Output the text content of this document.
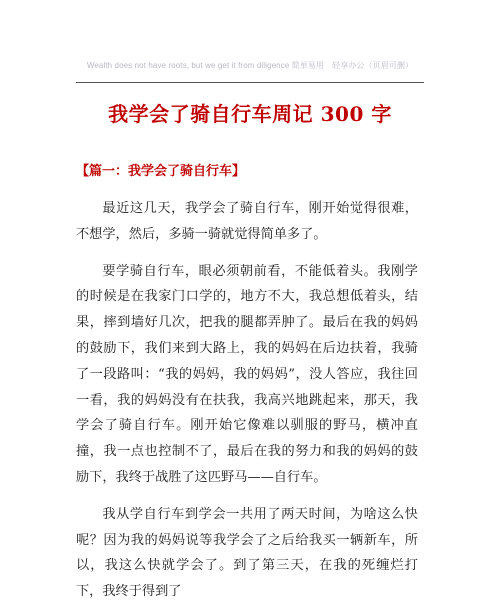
Wealth does not have roots, but we get it from diligence 简单易用　轻享办公（页眉可删）
我学会了骑自行车周记 300 字
【篇一：我学会了骑自行车】

最近这几天，我学会了骑自行车，刚开始觉得很难，不想学，然后，多骑一骑就觉得简单多了。

要学骑自行车，眼必须朝前看，不能低着头。我刚学的时候是在我家门口学的，地方不大，我总想低着头，结果，摔到墙好几次，把我的腿都弄肿了。最后在我的妈妈的鼓励下，我们来到大路上，我的妈妈在后边扶着，我骑了一段路叫：“我的妈妈，我的妈妈”，没人答应，我往回一看，我的妈妈没有在扶我，我高兴地跳起来，那天，我学会了骑自行车。刚开始它像难以驯服的野马，横冲直撞，我一点也控制不了，最后在我的努力和我的妈妈的鼓励下，我终于战胜了这匹野马——自行车。

我从学自行车到学会一共用了两天时间，为啥这么快呢？因为我的妈妈说等我学会了之后给我买一辆新车，所以，我这么快就学会了。到了第三天，在我的死缠烂打下，我终于得到了
